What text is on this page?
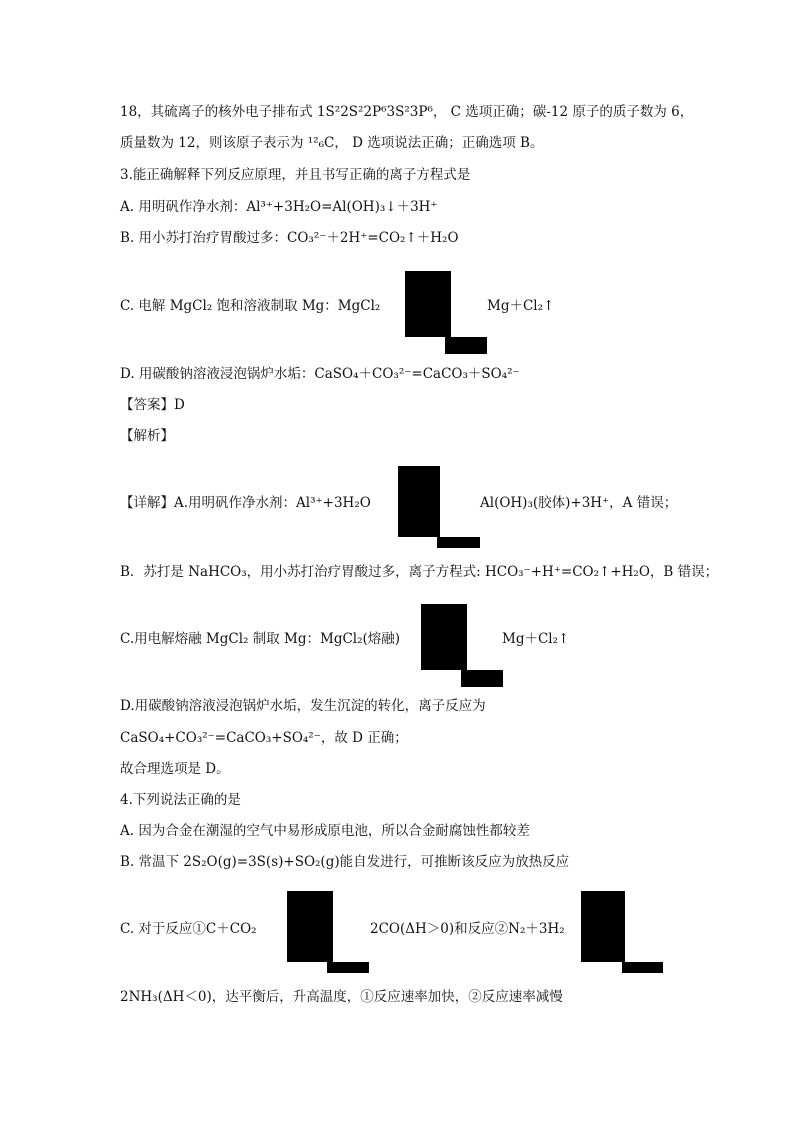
18，其硫离子的核外电子排布式 1S²2S²2P⁶3S²3P⁶， C 选项正确；碳-12 原子的质子数为 6，
质量数为 12，则该原子表示为 ¹²₆C， D 选项说法正确；正确选项 B。
3.能正确解释下列反应原理，并且书写正确的离子方程式是
A. 用明矾作净水剂：Al³⁺+3H₂O=Al(OH)₃↓＋3H⁺
B. 用小苏打治疗胃酸过多：CO₃²⁻＋2H⁺=CO₂↑＋H₂O
C. 电解 MgCl₂ 饱和溶液制取 Mg：MgCl₂	Mg＋Cl₂↑
D. 用碳酸钠溶液浸泡锅炉水垢：CaSO₄＋CO₃²⁻=CaCO₃＋SO₄²⁻
【答案】D
【解析】
【详解】A.用明矾作净水剂：Al³⁺+3H₂O	Al(OH)₃(胶体)+3H⁺，A 错误；
B．苏打是 NaHCO₃，用小苏打治疗胃酸过多，离子方程式: HCO₃⁻+H⁺=CO₂↑+H₂O，B 错误；
C.用电解熔融 MgCl₂ 制取 Mg：MgCl₂(熔融)	Mg＋Cl₂↑
D.用碳酸钠溶液浸泡锅炉水垢，发生沉淀的转化，离子反应为
CaSO₄+CO₃²⁻=CaCO₃+SO₄²⁻，故 D 正确；
故合理选项是 D。
4.下列说法正确的是
A. 因为合金在潮湿的空气中易形成原电池，所以合金耐腐蚀性都较差
B. 常温下 2S₂O(g)=3S(s)+SO₂(g)能自发进行，可推断该反应为放热反应
C. 对于反应①C＋CO₂	2CO(ΔH＞0)和反应②N₂＋3H₂
2NH₃(ΔH＜0)，达平衡后，升高温度，①反应速率加快，②反应速率减慢
